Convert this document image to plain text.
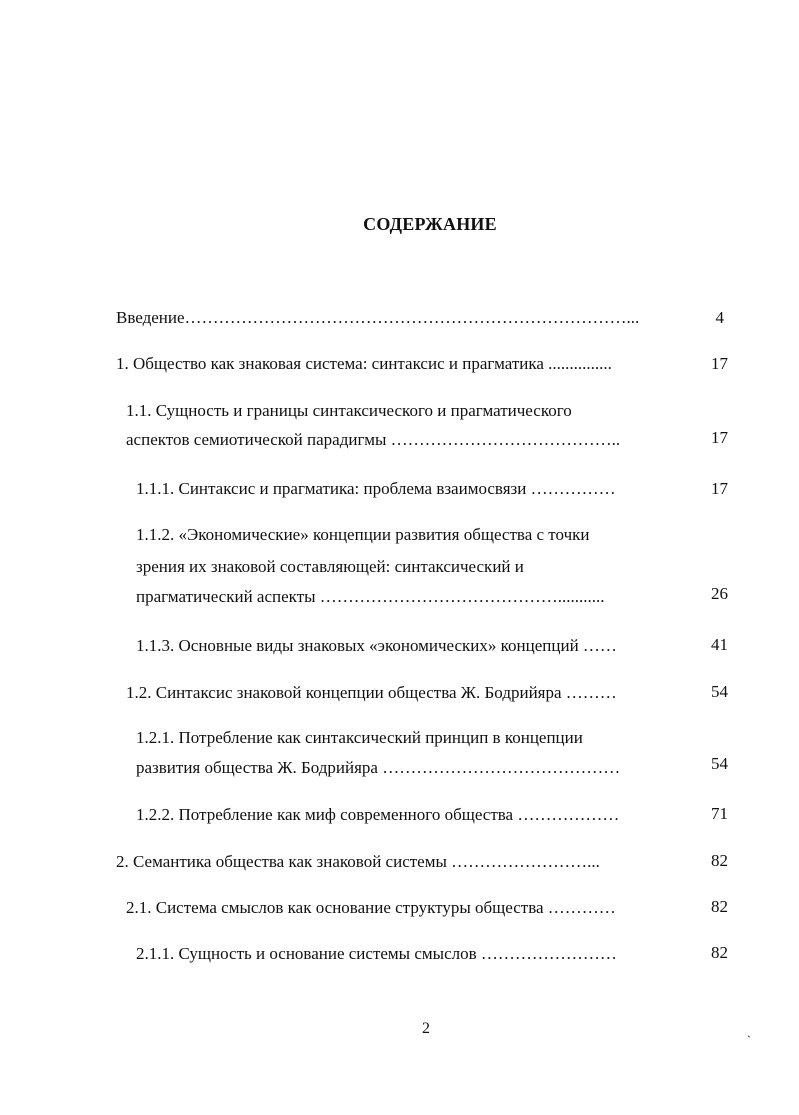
СОДЕРЖАНИЕ
Введение……………………………………………………………………...	4
1. Общество как знаковая система: синтаксис и прагматика ...............	17
1.1. Сущность и границы синтаксического и прагматического
аспектов семиотической парадигмы …………………………………..	17
1.1.1. Синтаксис и прагматика: проблема взаимосвязи ……………	17
1.1.2. «Экономические» концепции развития общества с точки
зрения их знаковой составляющей: синтаксический и
прагматический аспекты ……………………………………...........	26
1.1.3. Основные виды знаковых «экономических» концепций ……	41
1.2. Синтаксис знаковой концепции общества Ж. Бодрийяра ………	54
1.2.1. Потребление как синтаксический принцип в концепции
развития общества Ж. Бодрийяра ……………………………………	54
1.2.2. Потребление как миф современного общества ………………	71
2. Семантика общества как знаковой системы ……………………...	82
2.1. Система смыслов как основание структуры общества …………	82
2.1.1. Сущность и основание системы смыслов ……………………	82
2
`
